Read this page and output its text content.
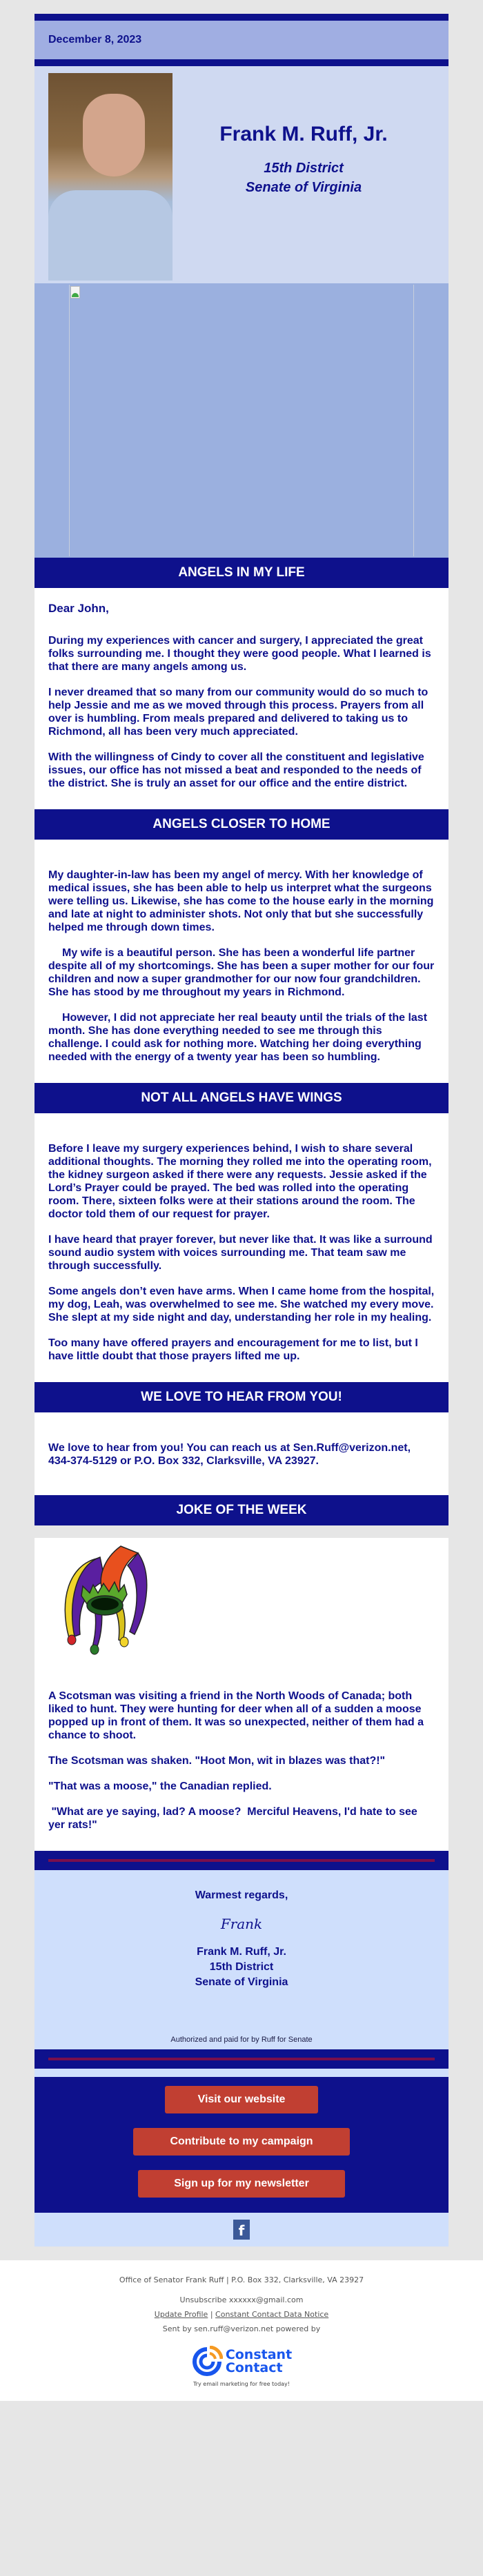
December 8, 2023
Frank M. Ruff, Jr.
15th District
Senate of Virginia
ANGELS IN MY LIFE

Dear John,

During my experiences with cancer and surgery, I appreciated the great folks surrounding me. I thought they were good people. What I learned is that there are many angels among us.

I never dreamed that so many from our community would do so much to help Jessie and me as we moved through this process. Prayers from all over is humbling. From meals prepared and delivered to taking us to Richmond, all has been very much appreciated.

With the willingness of Cindy to cover all the constituent and legislative issues, our office has not missed a beat and responded to the needs of the district. She is truly an asset for our office and the entire district.

ANGELS CLOSER TO HOME

My daughter-in-law has been my angel of mercy. With her knowledge of medical issues, she has been able to help us interpret what the surgeons were telling us. Likewise, she has come to the house early in the morning and late at night to administer shots. Not only that but she successfully helped me through down times.

My wife is a beautiful person. She has been a wonderful life partner despite all of my shortcomings. She has been a super mother for our four children and now a super grandmother for our now four grandchildren. She has stood by me throughout my years in Richmond.

However, I did not appreciate her real beauty until the trials of the last month. She has done everything needed to see me through this challenge. I could ask for nothing more. Watching her doing everything needed with the energy of a twenty year has been so humbling.

NOT ALL ANGELS HAVE WINGS

Before I leave my surgery experiences behind, I wish to share several additional thoughts. The morning they rolled me into the operating room, the kidney surgeon asked if there were any requests. Jessie asked if the Lord’s Prayer could be prayed. The bed was rolled into the operating room. There, sixteen folks were at their stations around the room. The doctor told them of our request for prayer.

I have heard that prayer forever, but never like that. It was like a surround sound audio system with voices surrounding me. That team saw me through successfully.

Some angels don’t even have arms. When I came home from the hospital, my dog, Leah, was overwhelmed to see me. She watched my every move. She slept at my side night and day, understanding her role in my healing.

Too many have offered prayers and encouragement for me to list, but I have little doubt that those prayers lifted me up.

WE LOVE TO HEAR FROM YOU!

We love to hear from you! You can reach us at Sen.Ruff@verizon.net, 434-374-5129 or P.O. Box 332, Clarksville, VA 23927.

JOKE OF THE WEEK

A Scotsman was visiting a friend in the North Woods of Canada; both liked to hunt. They were hunting for deer when all of a sudden a moose popped up in front of them. It was so unexpected, neither of them had a chance to shoot.

The Scotsman was shaken. "Hoot Mon, wit in blazes was that?!"

"That was a moose," the Canadian replied.

"What are ye saying, lad? A moose?  Merciful Heavens, I'd hate to see yer rats!"

Warmest regards,
Frank
Frank M. Ruff, Jr.
15th District
Senate of Virginia
Authorized and paid for by Ruff for Senate
Visit our website
Contribute to my campaign
Sign up for my newsletter
f
Office of Senator Frank Ruff | P.O. Box 332, Clarksville, VA 23927
Unsubscribe xxxxxx@gmail.com
Update Profile | Constant Contact Data Notice
Sent by sen.ruff@verizon.net powered by
Constant
Contact
Try email marketing for free today!
